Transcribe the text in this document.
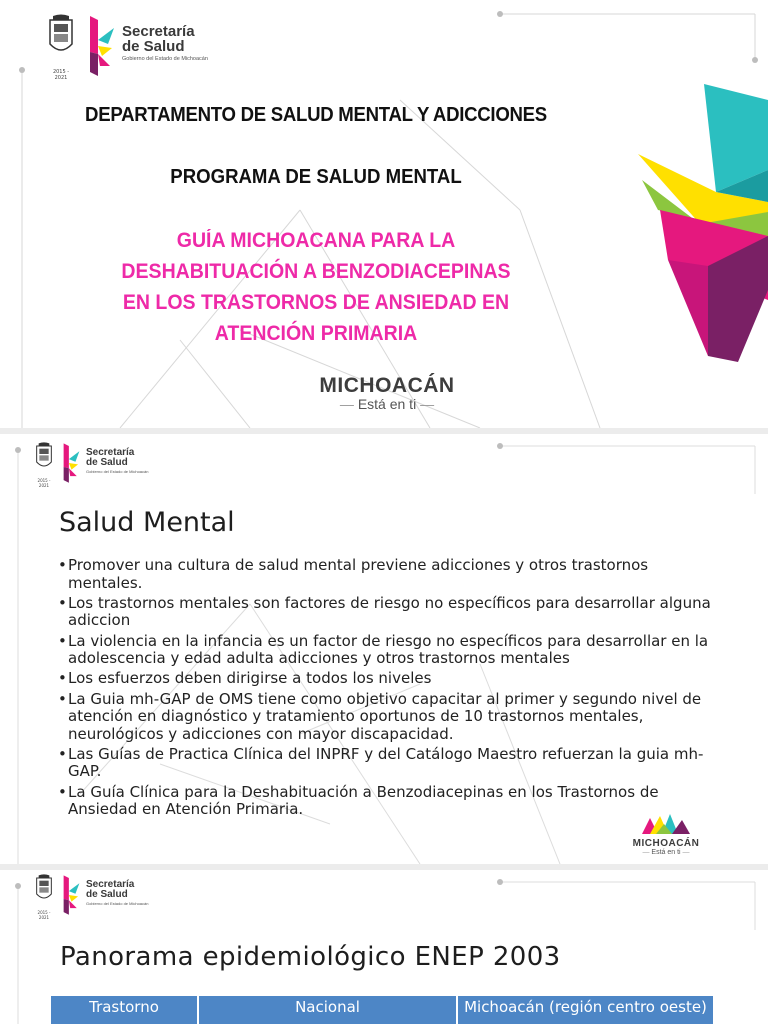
2015 - 2021
Secretaría
de Salud
Gobierno del Estado de Michoacán
DEPARTAMENTO DE SALUD MENTAL Y ADICCIONES
PROGRAMA DE SALUD MENTAL
GUÍA MICHOACANA PARA LA
DESHABITUACIÓN A BENZODIACEPINAS
EN LOS TRASTORNOS DE ANSIEDAD EN
ATENCIÓN PRIMARIA
MICHOACÁN
— Está en ti —
2015 - 2021
Secretaría
de Salud
Gobierno del Estado de Michoacán
Salud Mental
• Promover una cultura de salud mental previene adicciones y otros trastornos mentales.
• Los trastornos mentales son factores de riesgo no específicos para desarrollar alguna adiccion
• La violencia en la infancia es un factor de riesgo no específicos para desarrollar en la adolescencia y edad adulta adicciones y otros trastornos mentales
• Los esfuerzos deben dirigirse a todos los niveles
• La Guia mh-GAP de OMS tiene como objetivo capacitar al primer y segundo nivel de atención en diagnóstico y tratamiento oportunos de 10 trastornos mentales, neurológicos y adicciones con mayor discapacidad.
• Las Guías de Practica Clínica del INPRF y del Catálogo Maestro refuerzan la guia mh-GAP.
• La Guía Clínica para la Deshabituación a Benzodiacepinas en los Trastornos de Ansiedad en Atención Primaria.
MICHOACÁN
— Está en ti —
2015 - 2021
Secretaría
de Salud
Gobierno del Estado de Michoacán
Panorama epidemiológico ENEP 2003
Trastorno	Nacional	Michoacán (región centro oeste)
